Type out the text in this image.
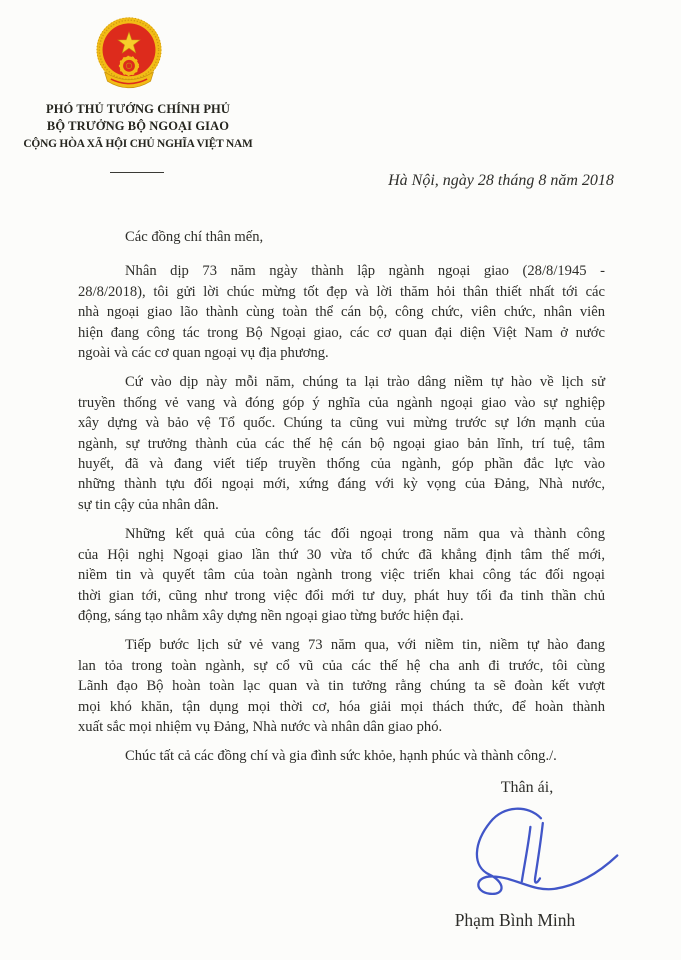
PHÓ THỦ TƯỚNG CHÍNH PHỦ
BỘ TRƯỞNG BỘ NGOẠI GIAO
CỘNG HÒA XÃ HỘI CHỦ NGHĨA VIỆT NAM
Hà Nội, ngày 28 tháng 8 năm 2018
Các đồng chí thân mến,
Nhân dịp 73 năm ngày thành lập ngành ngoại giao (28/8/1945 -
28/8/2018), tôi gửi lời chúc mừng tốt đẹp và lời thăm hỏi thân thiết nhất tới các
nhà ngoại giao lão thành cùng toàn thể cán bộ, công chức, viên chức, nhân viên
hiện đang công tác trong Bộ Ngoại giao, các cơ quan đại diện Việt Nam ở nước
ngoài và các cơ quan ngoại vụ địa phương.
Cứ vào dịp này mỗi năm, chúng ta lại trào dâng niềm tự hào về lịch sử
truyền thống vẻ vang và đóng góp ý nghĩa của ngành ngoại giao vào sự nghiệp
xây dựng và bảo vệ Tổ quốc. Chúng ta cũng vui mừng trước sự lớn mạnh của
ngành, sự trưởng thành của các thế hệ cán bộ ngoại giao bản lĩnh, trí tuệ, tâm
huyết, đã và đang viết tiếp truyền thống của ngành, góp phần đắc lực vào
những thành tựu đối ngoại mới, xứng đáng với kỳ vọng của Đảng, Nhà nước,
sự tin cậy của nhân dân.
Những kết quả của công tác đối ngoại trong năm qua và thành công
của Hội nghị Ngoại giao lần thứ 30 vừa tổ chức đã khẳng định tâm thế mới,
niềm tin và quyết tâm của toàn ngành trong việc triển khai công tác đối ngoại
thời gian tới, cũng như trong việc đổi mới tư duy, phát huy tối đa tinh thần chủ
động, sáng tạo nhằm xây dựng nền ngoại giao từng bước hiện đại.
Tiếp bước lịch sử vẻ vang 73 năm qua, với niềm tin, niềm tự hào đang
lan tỏa trong toàn ngành, sự cổ vũ của các thế hệ cha anh đi trước, tôi cùng
Lãnh đạo Bộ hoàn toàn lạc quan và tin tưởng rằng chúng ta sẽ đoàn kết vượt
mọi khó khăn, tận dụng mọi thời cơ, hóa giải mọi thách thức, để hoàn thành
xuất sắc mọi nhiệm vụ Đảng, Nhà nước và nhân dân giao phó.
Chúc tất cả các đồng chí và gia đình sức khỏe, hạnh phúc và thành công./.
Thân ái,
Phạm Bình Minh
